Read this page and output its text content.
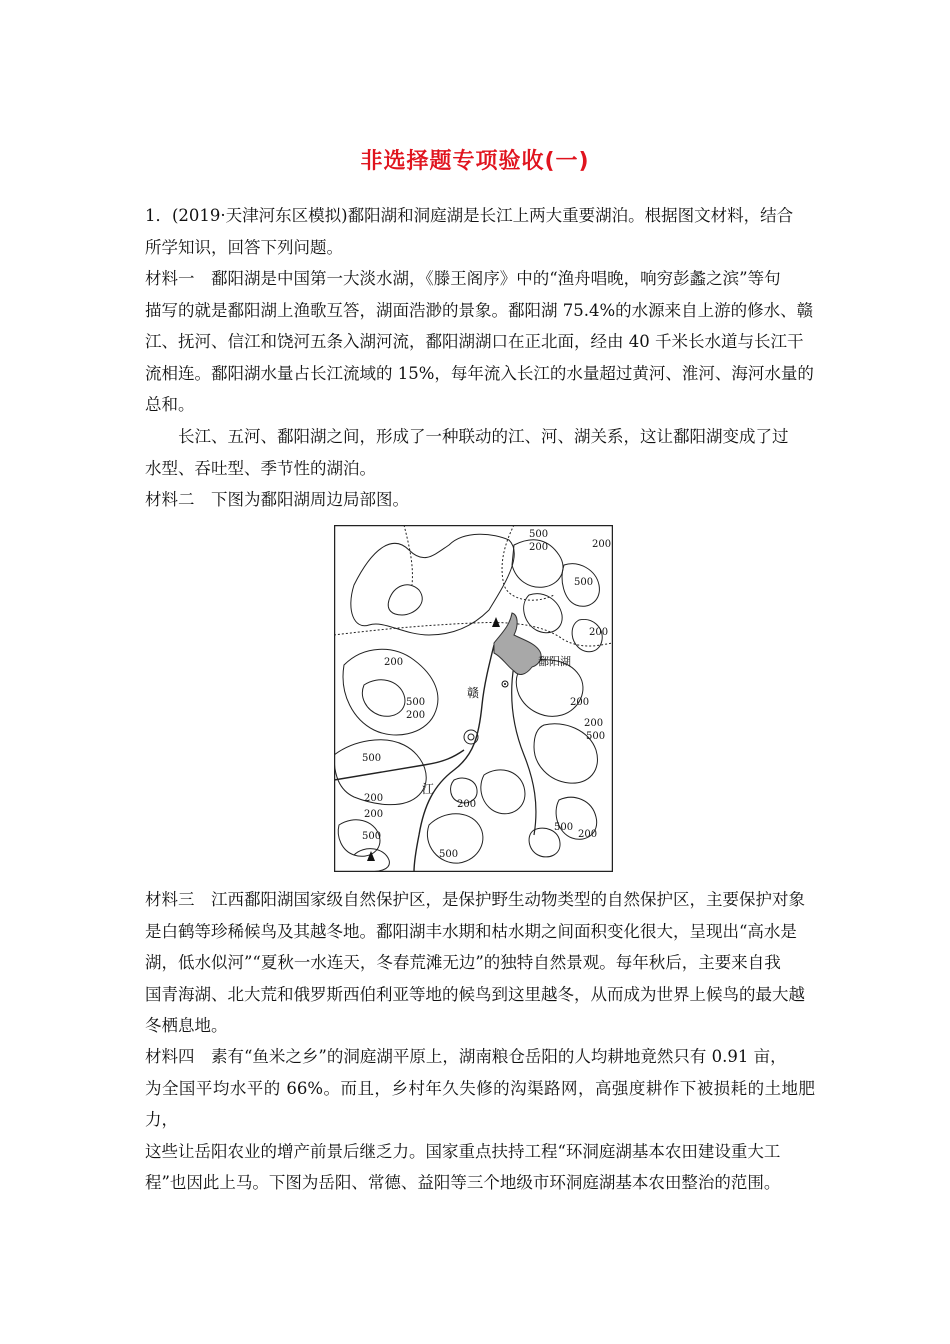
非选择题专项验收(一)
1．(2019·天津河东区模拟)鄱阳湖和洞庭湖是长江上两大重要湖泊。根据图文材料，结合
所学知识，回答下列问题。
材料一　鄱阳湖是中国第一大淡水湖，《滕王阁序》中的“渔舟唱晚，响穷彭蠡之滨”等句
描写的就是鄱阳湖上渔歌互答，湖面浩渺的景象。鄱阳湖 75.4%的水源来自上游的修水、赣
江、抚河、信江和饶河五条入湖河流，鄱阳湖湖口在正北面，经由 40 千米长水道与长江干
流相连。鄱阳湖水量占长江流域的 15%，每年流入长江的水量超过黄河、淮河、海河水量的
总和。
　　长江、五河、鄱阳湖之间，形成了一种联动的江、河、湖关系，这让鄱阳湖变成了过
水型、吞吐型、季节性的湖泊。
材料二　下图为鄱阳湖周边局部图。
鄱阳湖
赣
江
500
200	200
500
200
500
200
200
500
200
200
200
200
500
500
200
500
500
200
材料三　江西鄱阳湖国家级自然保护区，是保护野生动物类型的自然保护区，主要保护对象
是白鹤等珍稀候鸟及其越冬地。鄱阳湖丰水期和枯水期之间面积变化很大，呈现出“高水是
湖，低水似河”“夏秋一水连天，冬春荒滩无边”的独特自然景观。每年秋后，主要来自我
国青海湖、北大荒和俄罗斯西伯利亚等地的候鸟到这里越冬，从而成为世界上候鸟的最大越
冬栖息地。
材料四　素有“鱼米之乡”的洞庭湖平原上，湖南粮仓岳阳的人均耕地竟然只有 0.91 亩，
为全国平均水平的 66%。而且，乡村年久失修的沟渠路网，高强度耕作下被损耗的土地肥力，
这些让岳阳农业的增产前景后继乏力。国家重点扶持工程“环洞庭湖基本农田建设重大工
程”也因此上马。下图为岳阳、常德、益阳等三个地级市环洞庭湖基本农田整治的范围。
